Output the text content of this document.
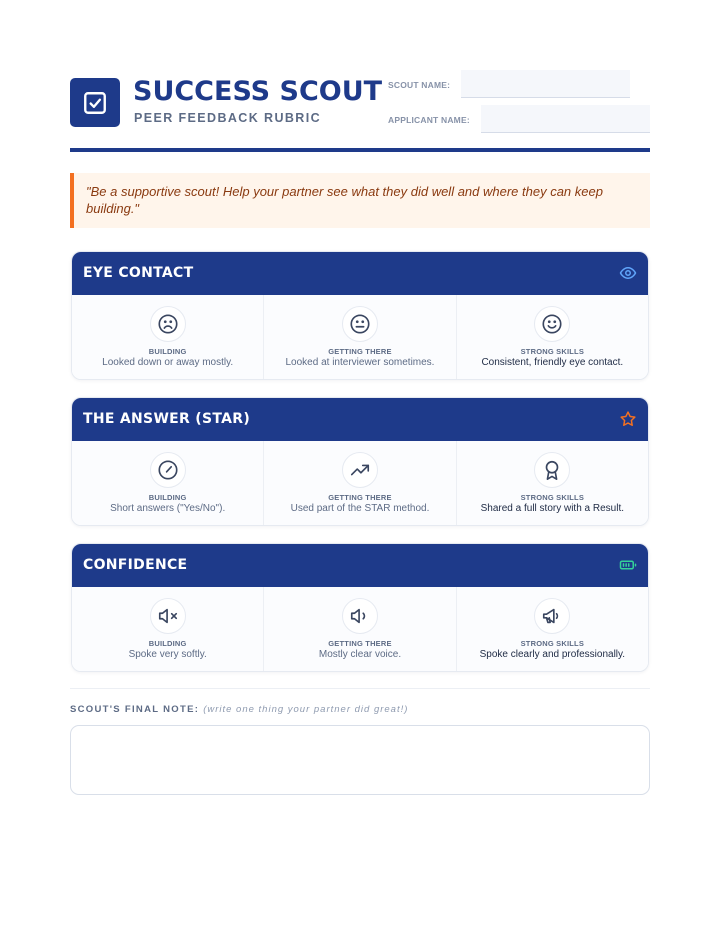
SUCCESS SCOUT
PEER FEEDBACK RUBRIC
SCOUT NAME:
APPLICANT NAME:
"Be a supportive scout! Help your partner see what they did well and where they can keep building."
EYE CONTACT
BUILDING
Looked down or away mostly.
GETTING THERE
Looked at interviewer sometimes.
STRONG SKILLS
Consistent, friendly eye contact.
THE ANSWER (STAR)
BUILDING
Short answers ("Yes/No").
GETTING THERE
Used part of the STAR method.
STRONG SKILLS
Shared a full story with a Result.
CONFIDENCE
BUILDING
Spoke very softly.
GETTING THERE
Mostly clear voice.
STRONG SKILLS
Spoke clearly and professionally.
SCOUT'S FINAL NOTE: (write one thing your partner did great!)
